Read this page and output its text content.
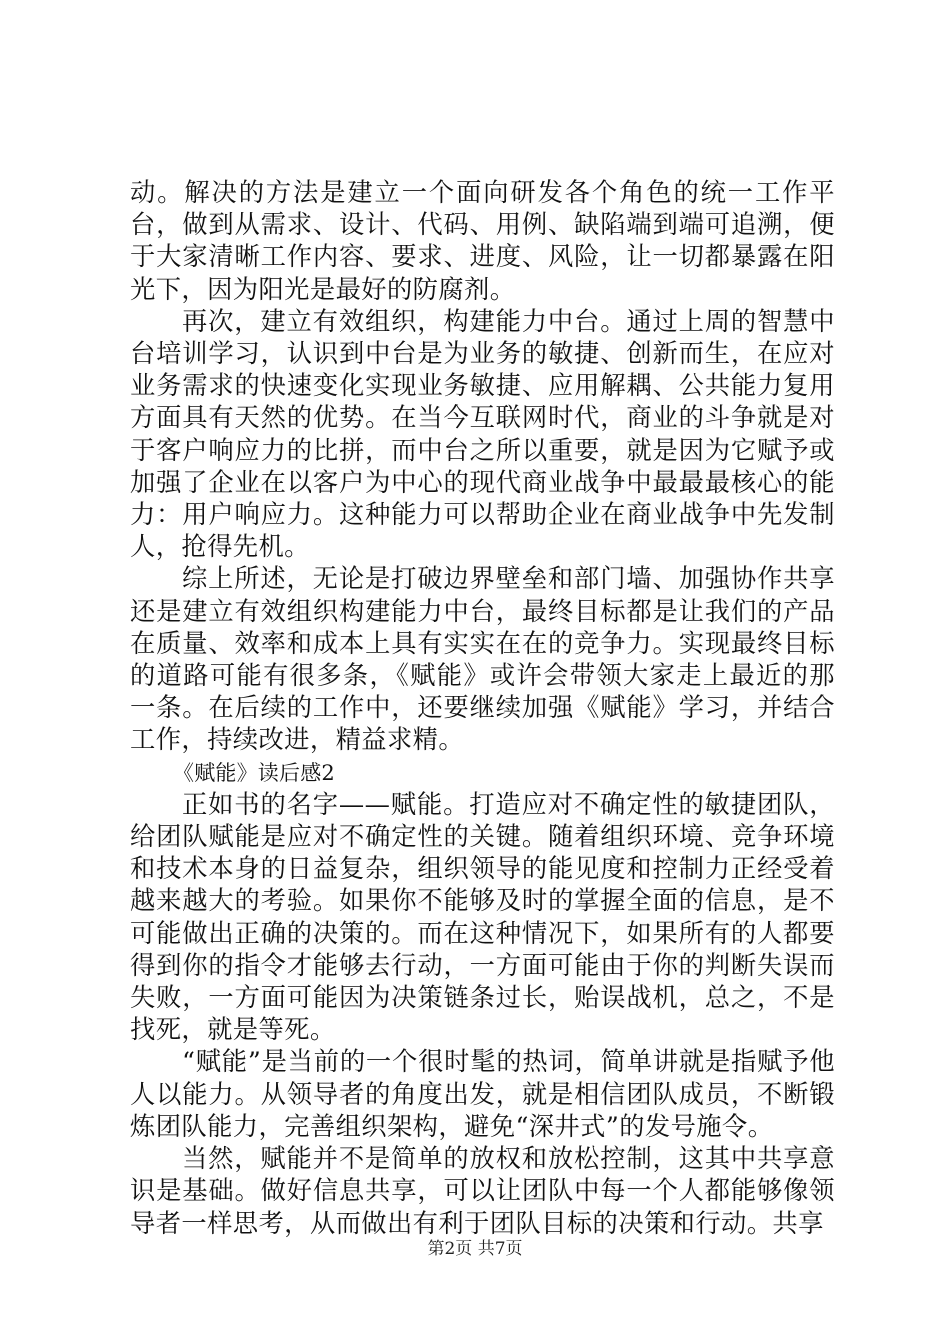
动。解决的方法是建立一个面向研发各个角色的统一工作平台，做到从需求、设计、代码、用例、缺陷端到端可追溯，便于大家清晰工作内容、要求、进度、风险，让一切都暴露在阳光下，因为阳光是最好的防腐剂。

再次，建立有效组织，构建能力中台。通过上周的智慧中台培训学习，认识到中台是为业务的敏捷、创新而生，在应对业务需求的快速变化实现业务敏捷、应用解耦、公共能力复用方面具有天然的优势。在当今互联网时代，商业的斗争就是对于客户响应力的比拼，而中台之所以重要，就是因为它赋予或加强了企业在以客户为中心的现代商业战争中最最最核心的能力：用户响应力。这种能力可以帮助企业在商业战争中先发制人，抢得先机。

综上所述，无论是打破边界壁垒和部门墙、加强协作共享还是建立有效组织构建能力中台，最终目标都是让我们的产品在质量、效率和成本上具有实实在在的竞争力。实现最终目标的道路可能有很多条，《赋能》或许会带领大家走上最近的那一条。在后续的工作中，还要继续加强《赋能》学习，并结合工作，持续改进，精益求精。

《赋能》读后感2

正如书的名字——赋能。打造应对不确定性的敏捷团队，给团队赋能是应对不确定性的关键。随着组织环境、竞争环境和技术本身的日益复杂，组织领导的能见度和控制力正经受着越来越大的考验。如果你不能够及时的掌握全面的信息，是不可能做出正确的决策的。而在这种情况下，如果所有的人都要得到你的指令才能够去行动，一方面可能由于你的判断失误而失败，一方面可能因为决策链条过长，贻误战机，总之，不是找死，就是等死。

“赋能”是当前的一个很时髦的热词，简单讲就是指赋予他人以能力。从领导者的角度出发，就是相信团队成员，不断锻炼团队能力，完善组织架构，避免“深井式”的发号施令。

当然，赋能并不是简单的放权和放松控制，这其中共享意识是基础。做好信息共享，可以让团队中每一个人都能够像领导者一样思考，从而做出有利于团队目标的决策和行动。共享

第2页 共7页
